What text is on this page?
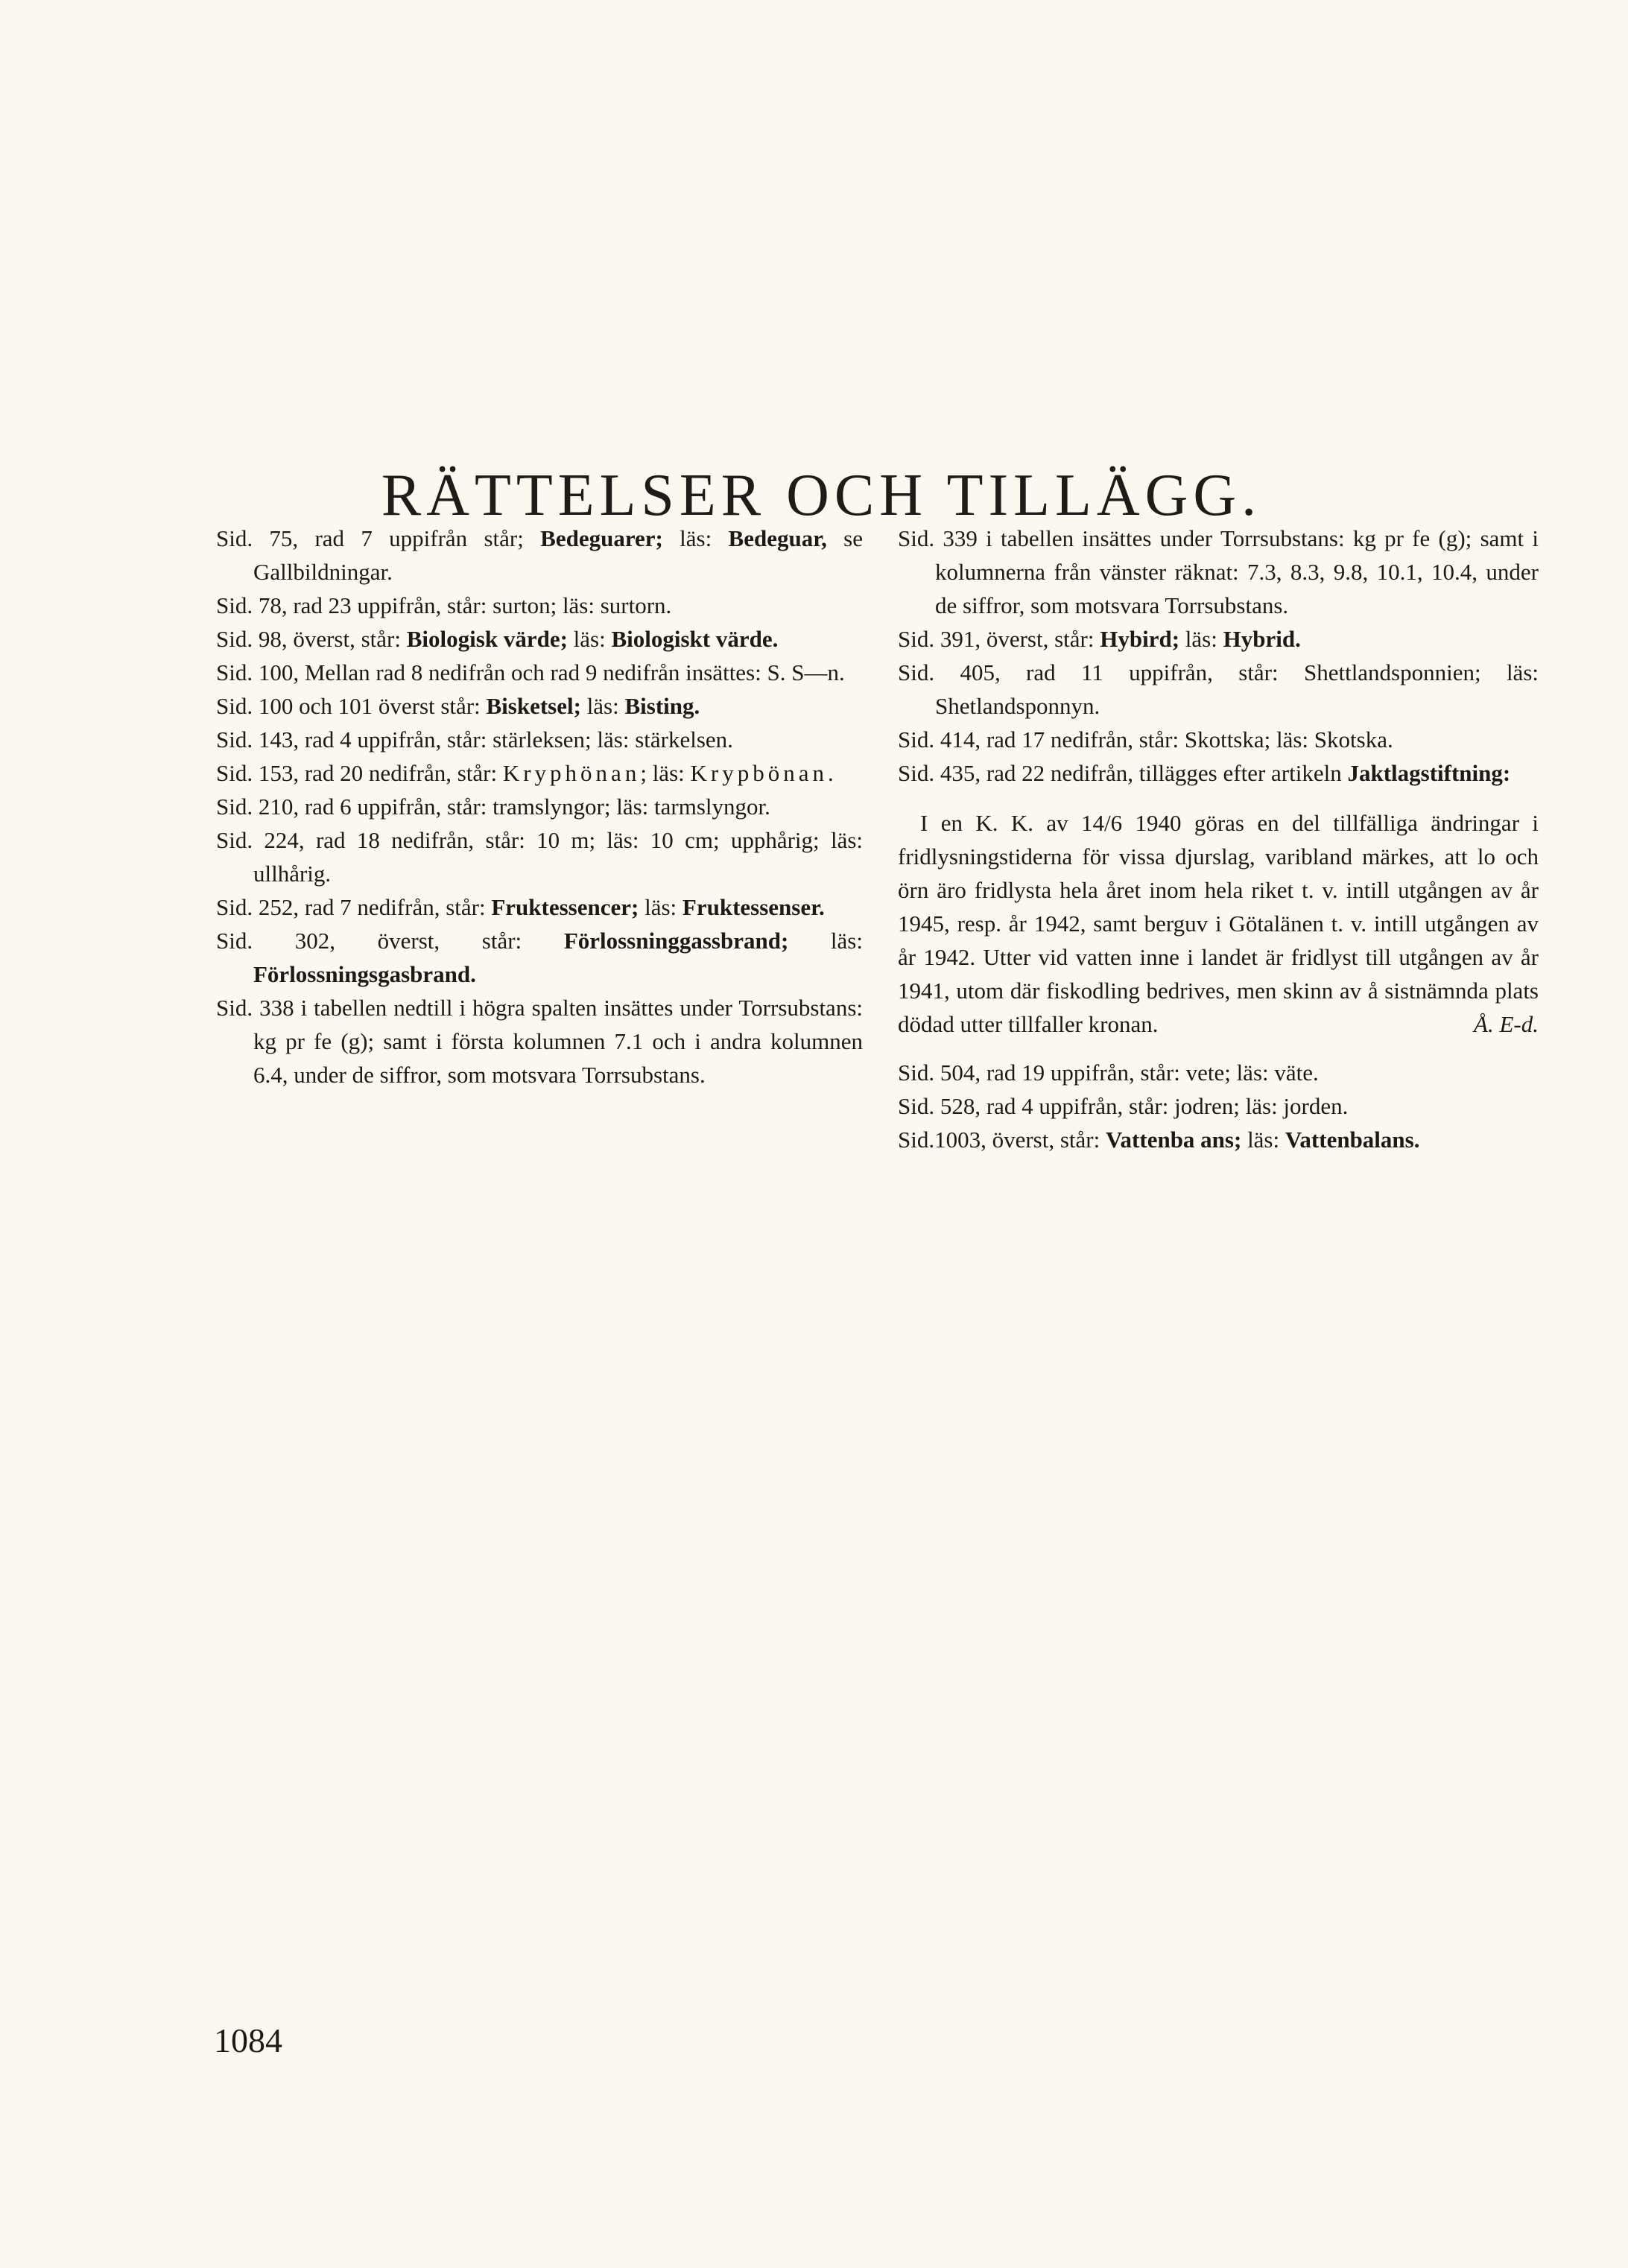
RÄTTELSER OCH TILLÄGG.

Sid. 75, rad 7 uppifrån står; Bedeguarer; läs: Bedeguar, se Gallbildningar.

Sid. 78, rad 23 uppifrån, står: surton; läs: surtorn.

Sid. 98, överst, står: Biologisk värde; läs: Biologiskt värde.

Sid. 100, Mellan rad 8 nedifrån och rad 9 nedifrån insättes: S. S—n.

Sid. 100 och 101 överst står: Bisketsel; läs: Bisting.

Sid. 143, rad 4 uppifrån, står: stärleksen; läs: stärkelsen.

Sid. 153, rad 20 nedifrån, står: Kryphönan; läs: Krypbönan.

Sid. 210, rad 6 uppifrån, står: tramslyngor; läs: tarmslyngor.

Sid. 224, rad 18 nedifrån, står: 10 m; läs: 10 cm; upphårig; läs: ullhårig.

Sid. 252, rad 7 nedifrån, står: Fruktessencer; läs: Fruktessenser.

Sid. 302, överst, står: Förlossninggassbrand; läs: Förlossningsgasbrand.

Sid. 338 i tabellen nedtill i högra spalten insättes under Torrsubstans: kg pr fe (g); samt i första kolumnen 7.1 och i andra kolumnen 6.4, under de siffror, som motsvara Torrsubstans.

Sid. 339 i tabellen insättes under Torrsubstans: kg pr fe (g); samt i kolumnerna från vänster räknat: 7.3, 8.3, 9.8, 10.1, 10.4, under de siffror, som motsvara Torrsubstans.

Sid. 391, överst, står: Hybird; läs: Hybrid.

Sid. 405, rad 11 uppifrån, står: Shettlandsponnien; läs: Shetlandsponnyn.

Sid. 414, rad 17 nedifrån, står: Skottska; läs: Skotska.

Sid. 435, rad 22 nedifrån, tillägges efter artikeln Jaktlagstiftning:

I en K. K. av 14/6 1940 göras en del tillfälliga ändringar i fridlysningstiderna för vissa djurslag, varibland märkes, att lo och örn äro fridlysta hela året inom hela riket t. v. intill utgången av år 1945, resp. år 1942, samt berguv i Götalänen t. v. intill utgången av år 1942. Utter vid vatten inne i landet är fridlyst till utgången av år 1941, utom där fiskodling bedrives, men skinn av å sistnämnda plats dödad utter tillfaller kronan.	Å. E-d.

Sid. 504, rad 19 uppifrån, står: vete; läs: väte.

Sid. 528, rad 4 uppifrån, står: jodren; läs: jorden.

Sid.1003, överst, står: Vattenba ans; läs: Vattenbalans.

1084
